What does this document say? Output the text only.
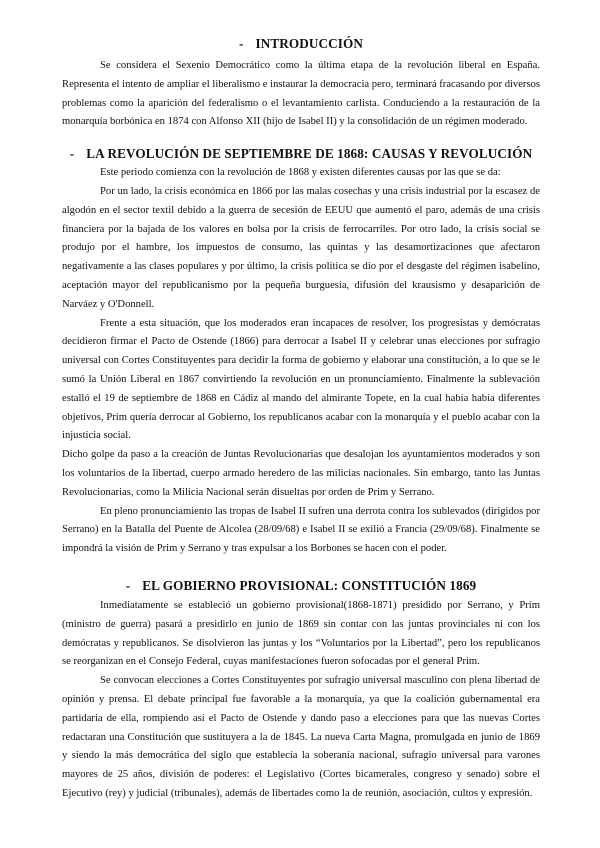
- INTRODUCCIÓN

Se considera el Sexenio Democrático como la última etapa de la revolución liberal en España. Representa el intento de ampliar el liberalismo e instaurar la democracia pero, terminará fracasando por diversos problemas como la aparición del federalismo o el levantamiento carlista. Conduciendo a la restauración de la monarquía borbónica en 1874 con Alfonso XII (hijo de Isabel II) y la consolidación de un régimen moderado.

- LA REVOLUCIÓN DE SEPTIEMBRE DE 1868: CAUSAS Y REVOLUCIÓN

Este periodo comienza con la revolución de 1868 y existen diferentes causas por las que se da:

Por un lado, la crisis económica en 1866 por las malas cosechas y una crisis industrial por la escasez de algodón en el sector textil debido a la guerra de secesión de EEUU que aumentó el paro, además de una crisis financiera por la bajada de los valores en bolsa por la crisis de ferrocarriles. Por otro lado, la crisis social se produjo por el hambre, los impuestos de consumo, las quintas y las desamortizaciones que afectaron negativamente a las clases populares y por último, la crisis política se dio por el desgaste del régimen isabelino, aceptación mayor del republicanismo por la pequeña burguesía, difusión del krausismo y desaparición de Narváez y O'Donnell.

Frente a esta situación, que los moderados eran incapaces de resolver, los progresistas y demócratas decidieron firmar el Pacto de Ostende (1866) para derrocar a Isabel II y celebrar unas elecciones por sufragio universal con Cortes Constituyentes para decidir la forma de gobierno y elaborar una constitución, a lo que se le sumó la Unión Liberal en 1867 convirtiendo la revolución en un pronunciamiento. Finalmente la sublevación estalló el 19 de septiembre de 1868 en Cádiz al mando del almirante Topete, en la cual había había diferentes objetivos, Prim quería derrocar al Gobierno, los republicanos acabar con la monarquía y el pueblo acabar con la injusticia social.

Dicho golpe da paso a la creación de Juntas Revolucionarias que desalojan los ayuntamientos moderados y son los voluntarios de la libertad, cuerpo armado heredero de las milicias nacionales. Sin embargo, tanto las Juntas Revolucionarias, como la Milicia Nacional serán disueltas por orden de Prim y Serrano.

En pleno pronunciamiento las tropas de Isabel II sufren una derrota contra los sublevados (dirigidos por Serrano) en la Batalla del Puente de Alcolea (28/09/68) e Isabel II se exilió a Francia (29/09/68). Finalmente se impondrá la visión de Prim y Serrano y tras expulsar a los Borbones se hacen con el poder.

- EL GOBIERNO PROVISIONAL: CONSTITUCIÓN 1869

Inmediatamente se estableció un gobierno provisional(1868-1871) presidido por Serrano, y Prim (ministro de guerra) pasará a presidirlo en junio de 1869 sin contar con las juntas provinciales ni con los demócratas y republicanos. Se disolvieron las juntas y los “Voluntarios por la Libertad”, pero los republicanos se reorganizan en el Consejo Federal, cuyas manifestaciones fueron sofocadas por el general Prim.

Se convocan elecciones a Cortes Constituyentes por sufragio universal masculino con plena libertad de opinión y prensa. El debate principal fue favorable a la monarquía, ya que la coalición gubernamental era partidaria de ella, rompiendo así el Pacto de Ostende y dando paso a elecciones para que las nuevas Cortes redactaran una Constitución que sustituyera a la de 1845. La nueva Carta Magna, promulgada en junio de 1869 y siendo la más democrática del siglo que establecía la soberanía nacional, sufragio universal para varones mayores de 25 años, división de poderes: el Legislativo (Cortes bicamerales, congreso y senado) sobre el Ejecutivo (rey) y judicial (tribunales), además de libertades como la de reunión, asociación, cultos y expresión.
